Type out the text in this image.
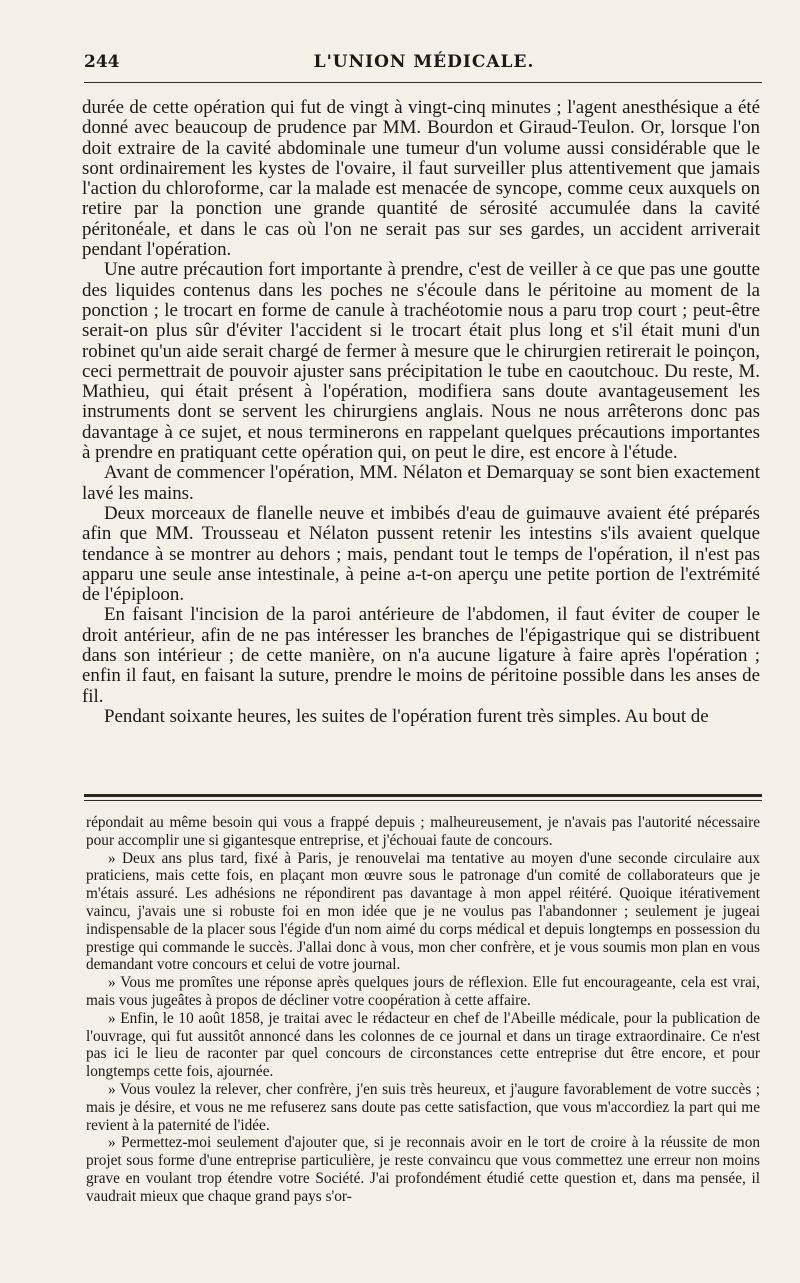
244	L'UNION MÉDICALE.

durée de cette opération qui fut de vingt à vingt-cinq minutes ; l'agent anesthésique a été donné avec beaucoup de prudence par MM. Bourdon et Giraud-Teulon. Or, lorsque l'on doit extraire de la cavité abdominale une tumeur d'un volume aussi considérable que le sont ordinairement les kystes de l'ovaire, il faut surveiller plus attentivement que jamais l'action du chloroforme, car la malade est menacée de syncope, comme ceux auxquels on retire par la ponction une grande quantité de sérosité accumulée dans la cavité péritonéale, et dans le cas où l'on ne serait pas sur ses gardes, un accident arriverait pendant l'opération.

Une autre précaution fort importante à prendre, c'est de veiller à ce que pas une goutte des liquides contenus dans les poches ne s'écoule dans le péritoine au moment de la ponction ; le trocart en forme de canule à trachéotomie nous a paru trop court ; peut-être serait-on plus sûr d'éviter l'accident si le trocart était plus long et s'il était muni d'un robinet qu'un aide serait chargé de fermer à mesure que le chirurgien retirerait le poinçon, ceci permettrait de pouvoir ajuster sans précipitation le tube en caoutchouc. Du reste, M. Mathieu, qui était présent à l'opération, modifiera sans doute avantageusement les instruments dont se servent les chirurgiens anglais. Nous ne nous arrêterons donc pas davantage à ce sujet, et nous terminerons en rappelant quelques précautions importantes à prendre en pratiquant cette opération qui, on peut le dire, est encore à l'étude.

Avant de commencer l'opération, MM. Nélaton et Demarquay se sont bien exactement lavé les mains.

Deux morceaux de flanelle neuve et imbibés d'eau de guimauve avaient été préparés afin que MM. Trousseau et Nélaton pussent retenir les intestins s'ils avaient quelque tendance à se montrer au dehors ; mais, pendant tout le temps de l'opération, il n'est pas apparu une seule anse intestinale, à peine a-t-on aperçu une petite portion de l'extrémité de l'épiploon.

En faisant l'incision de la paroi antérieure de l'abdomen, il faut éviter de couper le droit antérieur, afin de ne pas intéresser les branches de l'épigastrique qui se distribuent dans son intérieur ; de cette manière, on n'a aucune ligature à faire après l'opération ; enfin il faut, en faisant la suture, prendre le moins de péritoine possible dans les anses de fil.

Pendant soixante heures, les suites de l'opération furent très simples. Au bout de

répondait au même besoin qui vous a frappé depuis ; malheureusement, je n'avais pas l'autorité nécessaire pour accomplir une si gigantesque entreprise, et j'échouai faute de concours.

» Deux ans plus tard, fixé à Paris, je renouvelai ma tentative au moyen d'une seconde circulaire aux praticiens, mais cette fois, en plaçant mon œuvre sous le patronage d'un comité de collaborateurs que je m'étais assuré. Les adhésions ne répondirent pas davantage à mon appel réitéré. Quoique itérativement vaincu, j'avais une si robuste foi en mon idée que je ne voulus pas l'abandonner ; seulement je jugeai indispensable de la placer sous l'égide d'un nom aimé du corps médical et depuis longtemps en possession du prestige qui commande le succès. J'allai donc à vous, mon cher confrère, et je vous soumis mon plan en vous demandant votre concours et celui de votre journal.

» Vous me promîtes une réponse après quelques jours de réflexion. Elle fut encourageante, cela est vrai, mais vous jugeâtes à propos de décliner votre coopération à cette affaire.

» Enfin, le 10 août 1858, je traitai avec le rédacteur en chef de l'Abeille médicale, pour la publication de l'ouvrage, qui fut aussitôt annoncé dans les colonnes de ce journal et dans un tirage extraordinaire. Ce n'est pas ici le lieu de raconter par quel concours de circonstances cette entreprise dut être encore, et pour longtemps cette fois, ajournée.

» Vous voulez la relever, cher confrère, j'en suis très heureux, et j'augure favorablement de votre succès ; mais je désire, et vous ne me refuserez sans doute pas cette satisfaction, que vous m'accordiez la part qui me revient à la paternité de l'idée.

» Permettez-moi seulement d'ajouter que, si je reconnais avoir en le tort de croire à la réussite de mon projet sous forme d'une entreprise particulière, je reste convaincu que vous commettez une erreur non moins grave en voulant trop étendre votre Société. J'ai profondément étudié cette question et, dans ma pensée, il vaudrait mieux que chaque grand pays s'or-
